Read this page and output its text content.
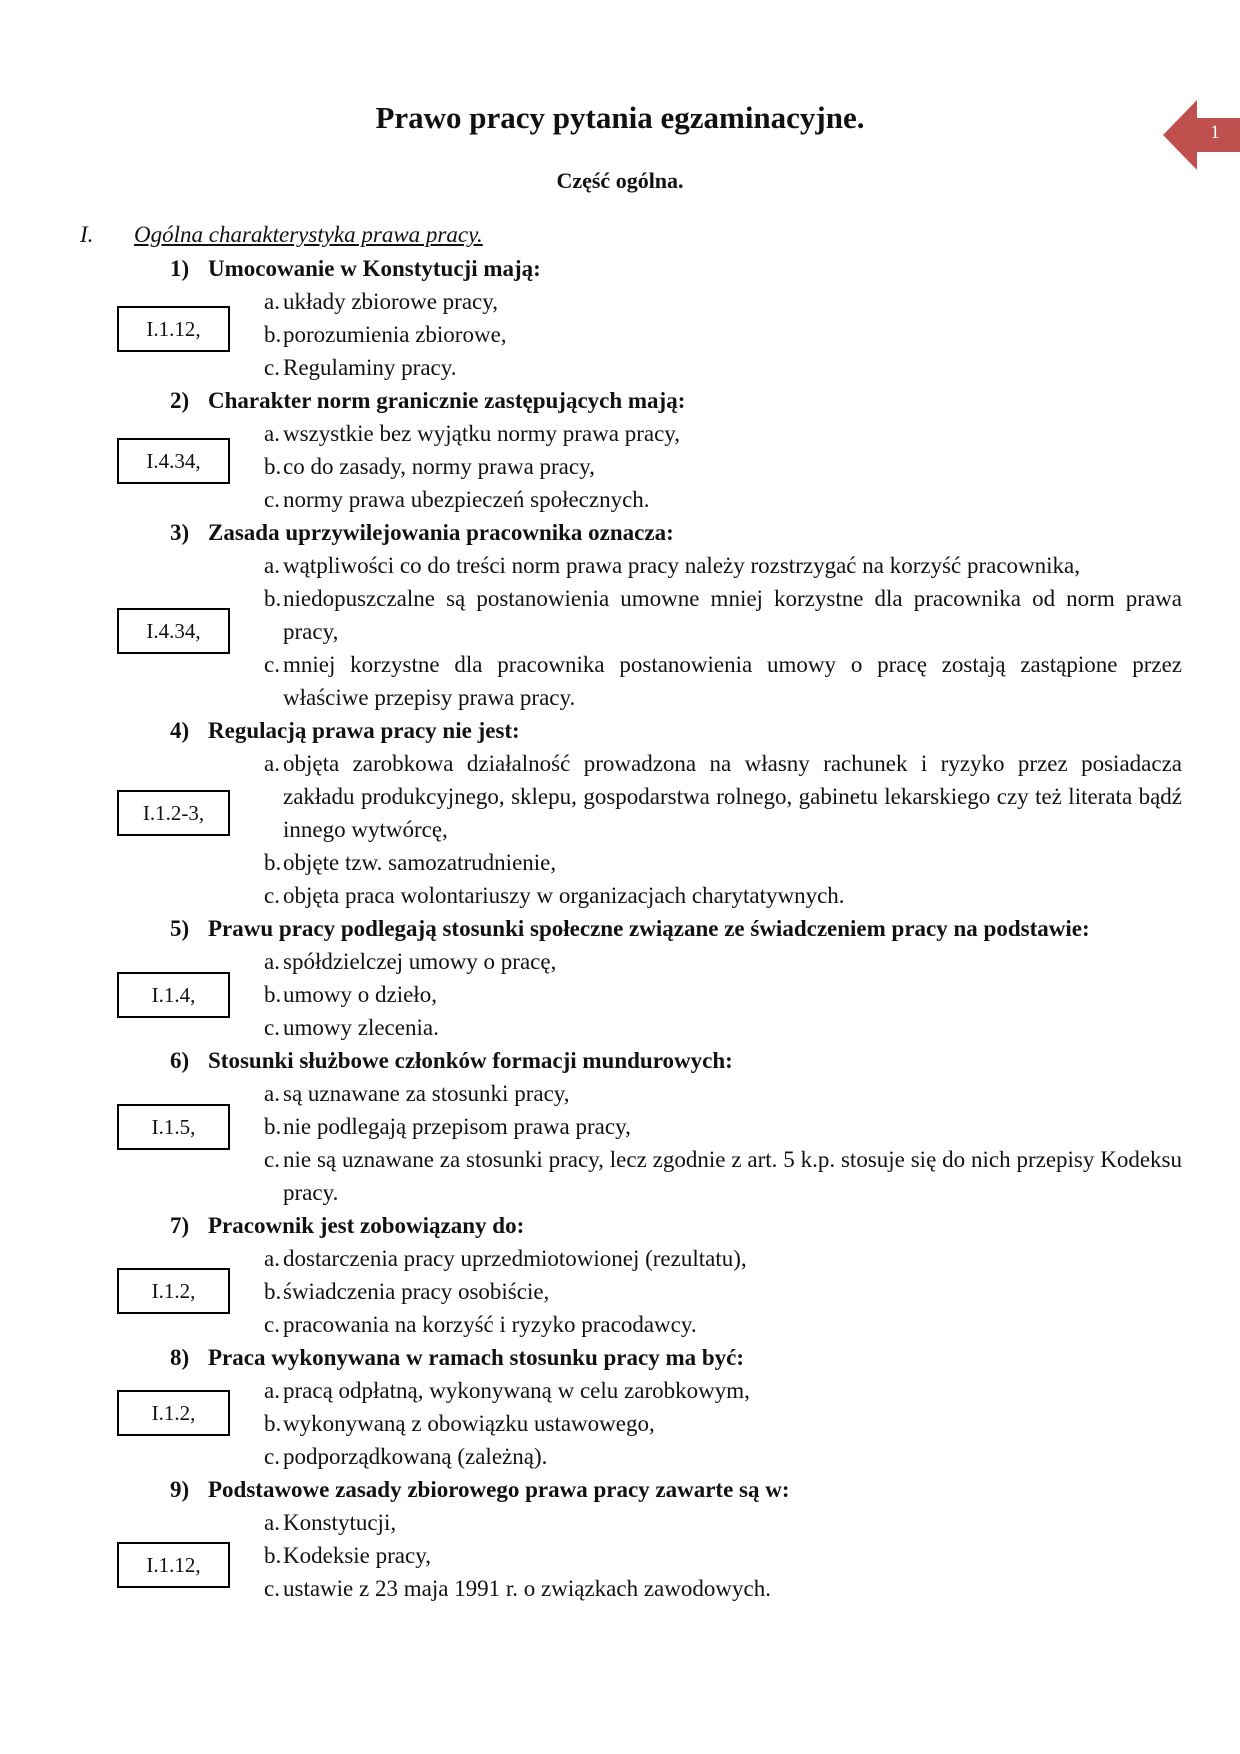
Prawo pracy pytania egzaminacyjne.	1
Część ogólna.
I. Ogólna charakterystyka prawa pracy.
1) Umocowanie w Konstytucji mają:
a. układy zbiorowe pracy,
b. porozumienia zbiorowe,
c. Regulaminy pracy.
I.1.12,
2) Charakter norm granicznie zastępujących mają:
a. wszystkie bez wyjątku normy prawa pracy,
b. co do zasady, normy prawa pracy,
c. normy prawa ubezpieczeń społecznych.
I.4.34,
3) Zasada uprzywilejowania pracownika oznacza:
a. wątpliwości co do treści norm prawa pracy należy rozstrzygać na korzyść pracownika,
b. niedopuszczalne są postanowienia umowne mniej korzystne dla pracownika od norm prawa pracy,
c. mniej korzystne dla pracownika postanowienia umowy o pracę zostają zastąpione przez właściwe przepisy prawa pracy.
I.4.34,
4) Regulacją prawa pracy nie jest:
a. objęta zarobkowa działalność prowadzona na własny rachunek i ryzyko przez posiadacza zakładu produkcyjnego, sklepu, gospodarstwa rolnego, gabinetu lekarskiego czy też literata bądź innego wytwórcę,
b. objęte tzw. samozatrudnienie,
c. objęta praca wolontariuszy w organizacjach charytatywnych.
I.1.2-3,
5) Prawu pracy podlegają stosunki społeczne związane ze świadczeniem pracy na podstawie:
a. spółdzielczej umowy o pracę,
b. umowy o dzieło,
c. umowy zlecenia.
I.1.4,
6) Stosunki służbowe członków formacji mundurowych:
a. są uznawane za stosunki pracy,
b. nie podlegają przepisom prawa pracy,
c. nie są uznawane za stosunki pracy, lecz zgodnie z art. 5 k.p. stosuje się do nich przepisy Kodeksu pracy.
I.1.5,
7) Pracownik jest zobowiązany do:
a. dostarczenia pracy uprzedmiotowionej (rezultatu),
b. świadczenia pracy osobiście,
c. pracowania na korzyść i ryzyko pracodawcy.
I.1.2,
8) Praca wykonywana w ramach stosunku pracy ma być:
a. pracą odpłatną, wykonywaną w celu zarobkowym,
b. wykonywaną z obowiązku ustawowego,
c. podporządkowaną (zależną).
I.1.2,
9) Podstawowe zasady zbiorowego prawa pracy zawarte są w:
a. Konstytucji,
b. Kodeksie pracy,
c. ustawie z 23 maja 1991 r. o związkach zawodowych.
I.1.12,
